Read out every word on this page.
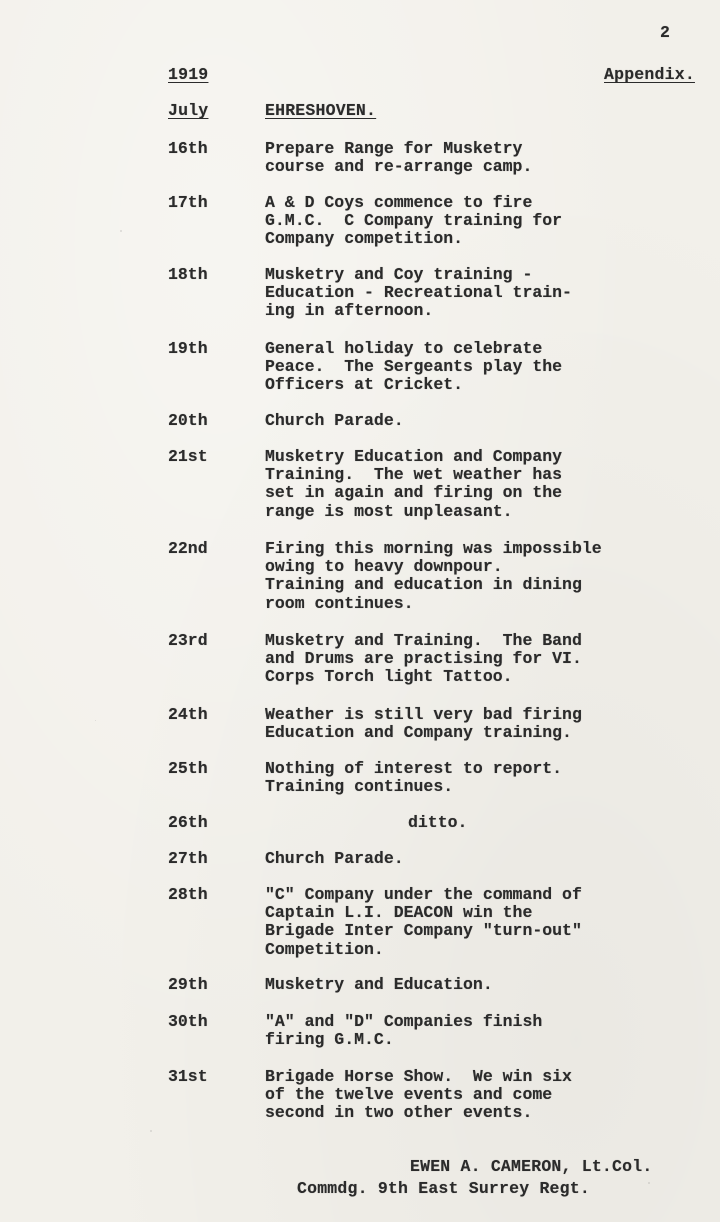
2
1919	Appendix.
July	EHRESHOVEN.
16th	Prepare Range for Musketry
course and re-arrange camp.
17th	A & D Coys commence to fire
G.M.C.  C Company training for
Company competition.
18th	Musketry and Coy training -
Education - Recreational train-
ing in afternoon.
19th	General holiday to celebrate
Peace.  The Sergeants play the
Officers at Cricket.
20th	Church Parade.
21st	Musketry Education and Company
Training.  The wet weather has
set in again and firing on the
range is most unpleasant.
22nd	Firing this morning was impossible
owing to heavy downpour.
Training and education in dining
room continues.
23rd	Musketry and Training.  The Band
and Drums are practising for VI.
Corps Torch light Tattoo.
24th	Weather is still very bad firing
Education and Company training.
25th	Nothing of interest to report.
Training continues.
26th	ditto.
27th	Church Parade.
28th	"C" Company under the command of
Captain L.I. DEACON win the
Brigade Inter Company "turn-out"
Competition.
29th	Musketry and Education.
30th	"A" and "D" Companies finish
firing G.M.C.
31st	Brigade Horse Show.  We win six
of the twelve events and come
second in two other events.
EWEN A. CAMERON, Lt.Col.
Commdg. 9th East Surrey Regt.
